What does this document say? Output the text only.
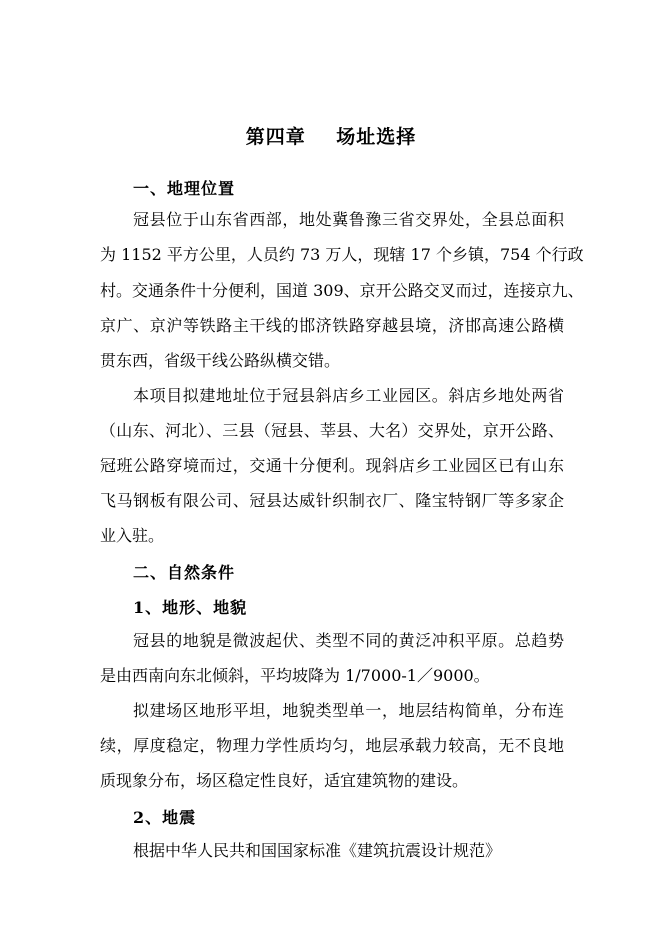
第四章    场址选择
一、地理位置
冠县位于山东省西部，地处冀鲁豫三省交界处，全县总面积
为 1152 平方公里，人员约 73 万人，现辖 17 个乡镇，754 个行政
村。交通条件十分便利，国道 309、京开公路交叉而过，连接京九、
京广、京沪等铁路主干线的邯济铁路穿越县境，济邯高速公路横
贯东西，省级干线公路纵横交错。
本项目拟建地址位于冠县斜店乡工业园区。斜店乡地处两省
（山东、河北）、三县（冠县、莘县、大名）交界处，京开公路、
冠班公路穿境而过，交通十分便利。现斜店乡工业园区已有山东
飞马钢板有限公司、冠县达威针织制衣厂、隆宝特钢厂等多家企
业入驻。
二、自然条件
1、地形、地貌
冠县的地貌是微波起伏、类型不同的黄泛冲积平原。总趋势
是由西南向东北倾斜，平均坡降为 1/7000-1／9000。
拟建场区地形平坦，地貌类型单一，地层结构简单，分布连
续，厚度稳定，物理力学性质均匀，地层承载力较高，无不良地
质现象分布，场区稳定性良好，适宜建筑物的建设。
2、地震
根据中华人民共和国国家标准《建筑抗震设计规范》
